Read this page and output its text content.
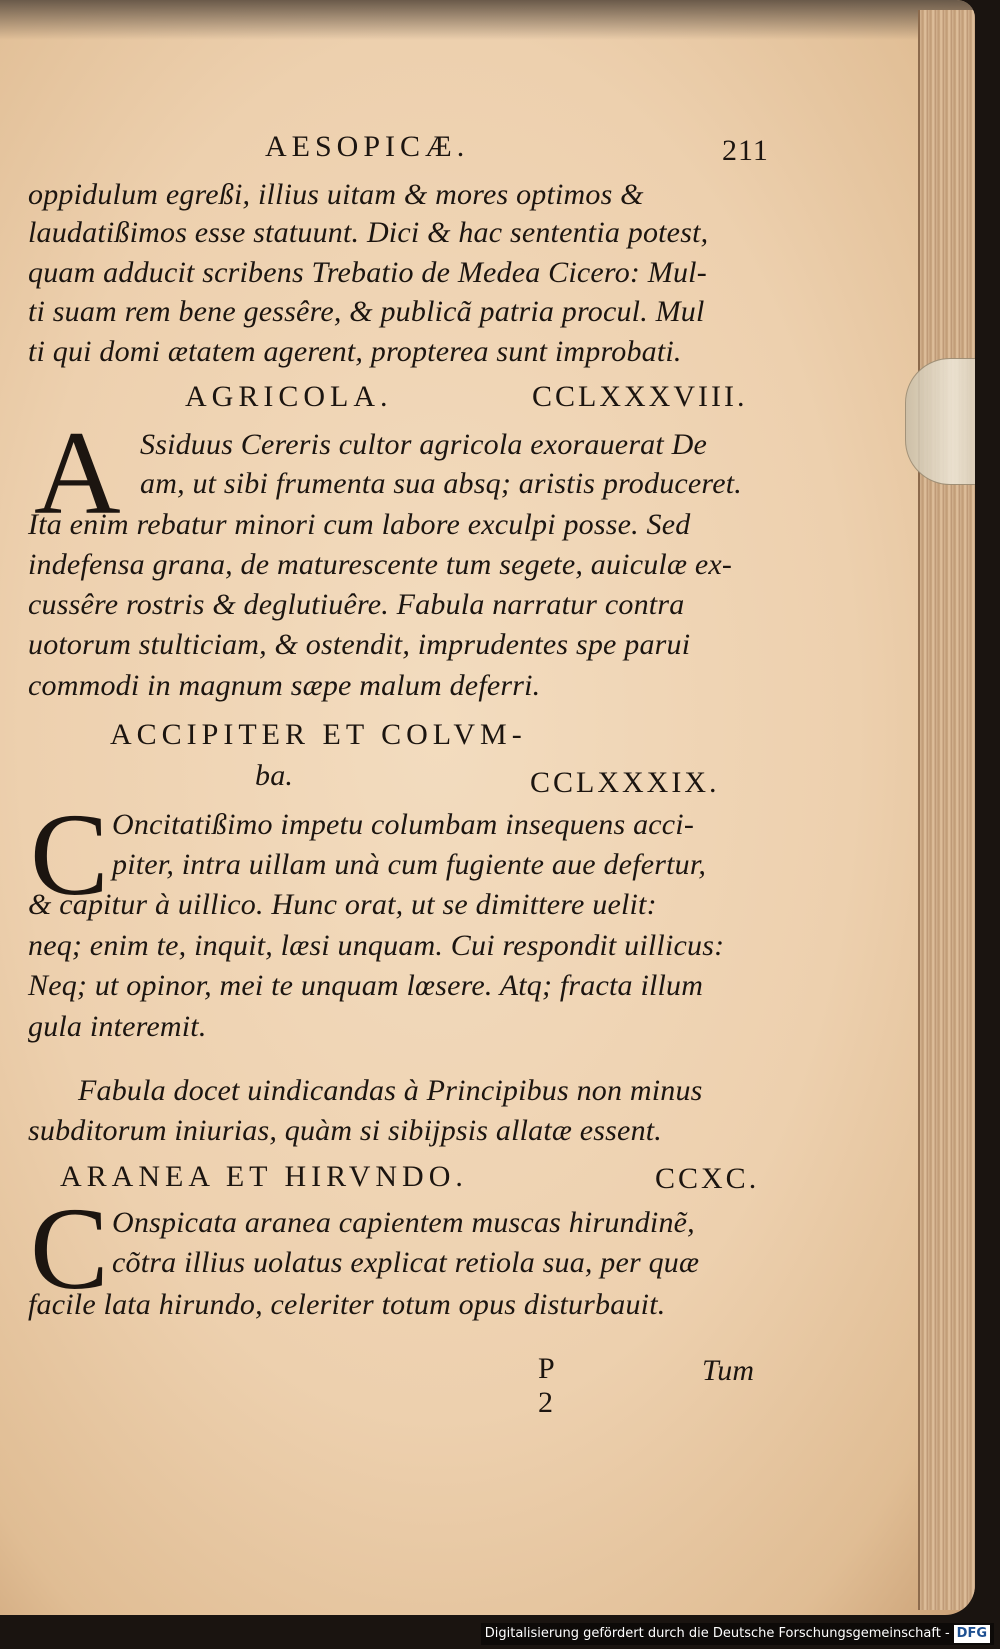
AESOPICÆ.	211
oppidulum egreßi, illius uitam & mores optimos &
laudatißimos esse statuunt. Dici & hac sententia potest,
quam adducit scribens Trebatio de Medea Cicero: Mul-
ti suam rem bene gessêre, & publicã patria procul. Mul
ti qui domi ætatem agerent, propterea sunt improbati.
AGRICOLA.	CCLXXXVIII.
A Ssiduus Cereris cultor agricola exorauerat De
am, ut sibi frumenta sua absq; aristis produceret.
Ita enim rebatur minori cum labore exculpi posse. Sed
indefensa grana, de maturescente tum segete, auiculæ ex-
cussêre rostris & deglutiuêre. Fabula narratur contra
uotorum stulticiam, & ostendit, imprudentes spe parui
commodi in magnum sæpe malum deferri.
ACCIPITER ET COLVM-
ba.	CCLXXXIX.
C Oncitatißimo impetu columbam insequens acci-
piter, intra uillam unà cum fugiente aue defertur,
& capitur à uillico. Hunc orat, ut se dimittere uelit:
neq; enim te, inquit, læsi unquam. Cui respondit uillicus:
Neq; ut opinor, mei te unquam lœsere. Atq; fracta illum
gula interemit.
Fabula docet uindicandas à Principibus non minus
subditorum iniurias, quàm si sibijpsis allatæ essent.
ARANEA ET HIRVNDO.	CCXC.
C Onspicata aranea capientem muscas hirundinẽ,
cõtra illius uolatus explicat retiola sua, per quæ
facile lata hirundo, celeriter totum opus disturbauit.
P 2
Tum
Digitalisierung gefördert durch die Deutsche Forschungsgemeinschaft - DFG
